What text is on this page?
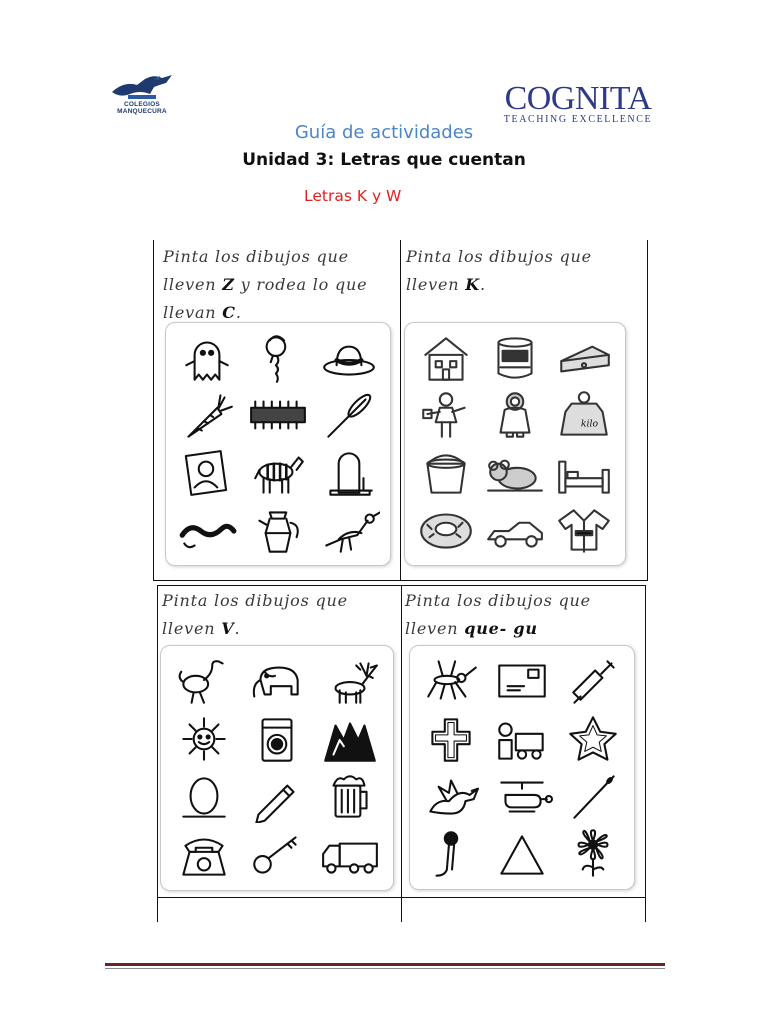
COLEGIOS
MANQUECURA	COGNITA
TEACHING EXCELLENCE
Guía de actividades
Unidad 3: Letras que cuentan
Letras K y W
Pinta los dibujos que
lleven Z y rodea lo que
llevan C.
Pinta los dibujos que
lleven K.
kilo
Pinta los dibujos que
lleven V.
Pinta los dibujos que
lleven que- gu
